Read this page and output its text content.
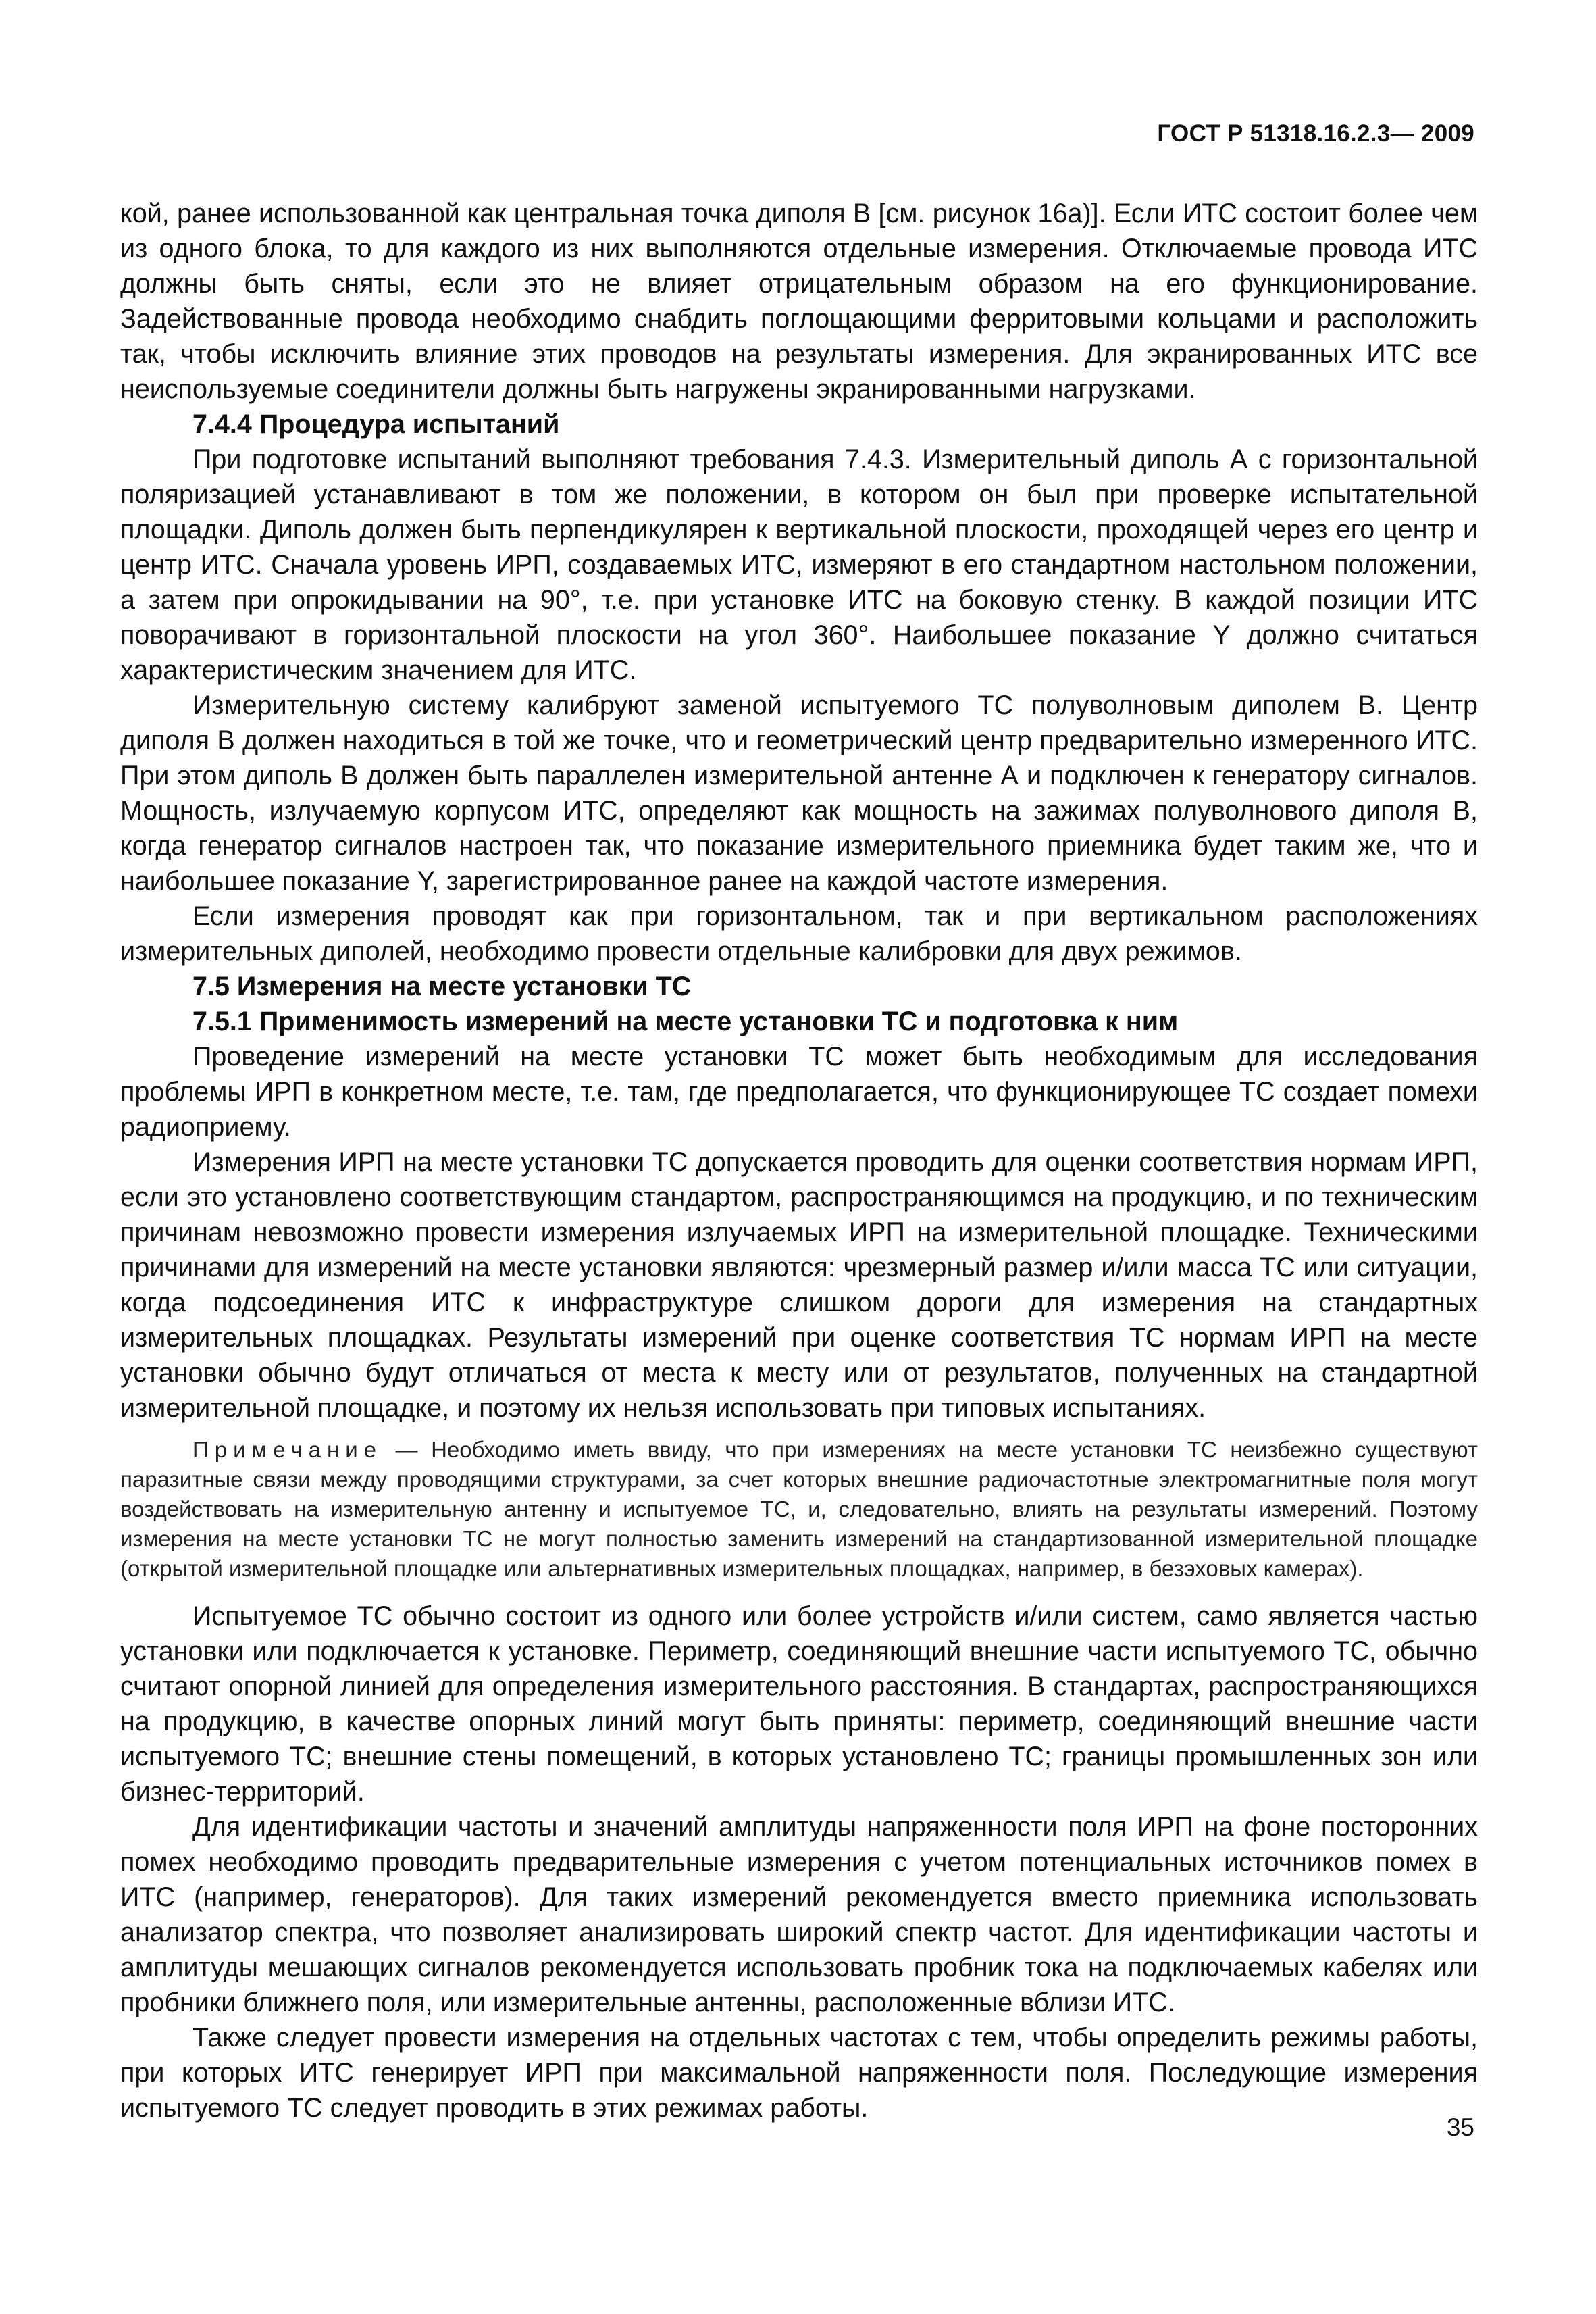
ГОСТ Р 51318.16.2.3— 2009

кой, ранее использованной как центральная точка диполя В [см. рисунок 16а)]. Если ИТС состоит более чем из одного блока, то для каждого из них выполняются отдельные измерения. Отключаемые провода ИТС должны быть сняты, если это не влияет отрицательным образом на его функционирование. Задействованные провода необходимо снабдить поглощающими ферритовыми кольцами и расположить так, чтобы исключить влияние этих проводов на результаты измерения. Для экранированных ИТС все неиспользуемые соединители должны быть нагружены экранированными нагрузками.

7.4.4 Процедура испытаний

При подготовке испытаний выполняют требования 7.4.3. Измерительный диполь А с горизонтальной поляризацией устанавливают в том же положении, в котором он был при проверке испытательной площадки. Диполь должен быть перпендикулярен к вертикальной плоскости, проходящей через его центр и центр ИТС. Сначала уровень ИРП, создаваемых ИТС, измеряют в его стандартном настольном положении, а затем при опрокидывании на 90°, т.е. при установке ИТС на боковую стенку. В каждой позиции ИТС поворачивают в горизонтальной плоскости на угол 360°. Наибольшее показание Y должно считаться характеристическим значением для ИТС.

Измерительную систему калибруют заменой испытуемого ТС полуволновым диполем В. Центр диполя В должен находиться в той же точке, что и геометрический центр предварительно измеренного ИТС. При этом диполь В должен быть параллелен измерительной антенне А и подключен к генератору сигналов. Мощность, излучаемую корпусом ИТС, определяют как мощность на зажимах полуволнового диполя В, когда генератор сигналов настроен так, что показание измерительного приемника будет таким же, что и наибольшее показание Y, зарегистрированное ранее на каждой частоте измерения.

Если измерения проводят как при горизонтальном, так и при вертикальном расположениях измерительных диполей, необходимо провести отдельные калибровки для двух режимов.

7.5 Измерения на месте установки ТС

7.5.1 Применимость измерений на месте установки ТС и подготовка к ним

Проведение измерений на месте установки ТС может быть необходимым для исследования проблемы ИРП в конкретном месте, т.е. там, где предполагается, что функционирующее ТС создает помехи радиоприему.

Измерения ИРП на месте установки ТС допускается проводить для оценки соответствия нормам ИРП, если это установлено соответствующим стандартом, распространяющимся на продукцию, и по техническим причинам невозможно провести измерения излучаемых ИРП на измерительной площадке. Техническими причинами для измерений на месте установки являются: чрезмерный размер и/или масса ТС или ситуации, когда подсоединения ИТС к инфраструктуре слишком дороги для измерения на стандартных измерительных площадках. Результаты измерений при оценке соответствия ТС нормам ИРП на месте установки обычно будут отличаться от места к месту или от результатов, полученных на стандартной измерительной площадке, и поэтому их нельзя использовать при типовых испытаниях.

Примечание — Необходимо иметь ввиду, что при измерениях на месте установки ТС неизбежно существуют паразитные связи между проводящими структурами, за счет которых внешние радиочастотные электромагнитные поля могут воздействовать на измерительную антенну и испытуемое ТС, и, следовательно, влиять на результаты измерений. Поэтому измерения на месте установки ТС не могут полностью заменить измерений на стандартизованной измерительной площадке (открытой измерительной площадке или альтернативных измерительных площадках, например, в безэховых камерах).

Испытуемое ТС обычно состоит из одного или более устройств и/или систем, само является частью установки или подключается к установке. Периметр, соединяющий внешние части испытуемого ТС, обычно считают опорной линией для определения измерительного расстояния. В стандартах, распространяющихся на продукцию, в качестве опорных линий могут быть приняты: периметр, соединяющий внешние части испытуемого ТС; внешние стены помещений, в которых установлено ТС; границы промышленных зон или бизнес-территорий.

Для идентификации частоты и значений амплитуды напряженности поля ИРП на фоне посторонних помех необходимо проводить предварительные измерения с учетом потенциальных источников помех в ИТС (например, генераторов). Для таких измерений рекомендуется вместо приемника использовать анализатор спектра, что позволяет анализировать широкий спектр частот. Для идентификации частоты и амплитуды мешающих сигналов рекомендуется использовать пробник тока на подключаемых кабелях или пробники ближнего поля, или измерительные антенны, расположенные вблизи ИТС.

Также следует провести измерения на отдельных частотах с тем, чтобы определить режимы работы, при которых ИТС генерирует ИРП при максимальной напряженности поля. Последующие измерения испытуемого ТС следует проводить в этих режимах работы.

35
